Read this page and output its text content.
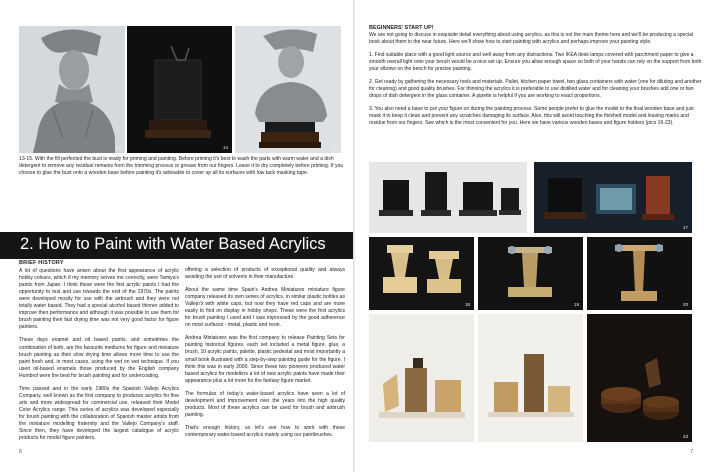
13	14	15
13-15. With the fill perfected the bust is ready for priming and painting. Before priming it's best to wash the parts with warm water and a dish detergent to remove any residual remains from the trimming process or grease from our fingers. Leave it to dry completely before priming. If you choose to glue the bust onto a wooden base before painting it's advisable to cover up all its surfaces with low tack masking tape.
2. How to Paint with Water Based Acrylics
BRIEF HISTORY

A lot of questions have arisen about the first appearance of acrylic hobby colours, which if my memory serves me correctly, were Tamiya's paints from Japan. I think these were the first acrylic paints I had the opportunity to test and use towards the end of the 1970s. The paints were developed mostly for use with the airbrush and they were not totally water based. They had a special alcohol based thinner added to improve their performance and although it was possible to use them for brush painting their fast drying time was not very good factor for figure painters.

These days enamel and oil based paints, and sometimes the combination of both, are the favourite mediums for figure and miniature brush painting as their slow drying time allows more time to use the paint fresh and, in most cases, using the wet on wet technique. If you used oil-based enamels those produced by the English company Humbrol were the best for brush painting and for undercoating.

Time passed and in the early 1980s the Spanish Vallejo Acrylics Company, well known as the first company to produces acrylics for fine arts and more widespread for commercial use, released their Model Color Acrylics range. This series of acrylics was developed especially for brush painting with the collaboration of Spanish master artists from the miniature modelling fraternity and the Vallejo Company's staff. Since then, they have developed the largest catalogue of acrylic products for model figure painters,

offering a selection of products of exceptional quality and always avoiding the use of solvents in their manufacture.

About the same time Spain's Andrea Miniatures miniature figure company released its own series of acrylics, in similar plastic bottles as Vallejo's with white caps, but now they have red caps and are more easily to find on display in hobby shops. These were the first acrylics for brush painting I used and I was impressed by the good adherence on most surfaces - metal, plastic and resin.

Andrea Miniatures was the first company to release Painting Sets for painting historical figures, each set included a metal figure, glue, a brush, 10 acrylic paints, palette, plastic pedestal and most importantly a small book illustrated with a step-by-step painting guide for the figure. I think this was in early 2000. Since these two pioneers produced water based acrylics for modellers a lot of new acrylic paints have made their appearance plus a lot more for the fantasy figure market.

The formulas of today's water-based acrylics have seen a lot of development and improvement over the years into the high quality products. Most of these acrylics can be used for brush and airbrush painting.

That's enough history, so let's see how to work with these contemporary water-based acrylics mainly using our paintbrushes.

6
BEGINNERS' START UP!

We are not going to discuss in exquisite detail everything about using acrylics, as this is not the main theme here and we'll be producing a special book about them in the near future. Here we'll show how to start painting with acrylics and perhaps improve your painting style.

1. Find suitable place with a good light source and well away from any distractions. Two IKEA desk lamps covered with parchment paper to give a smooth overall light onto your bench would be a nice set up. Ensure you allow enough space so both of your hands can rely on the support from both your elbows on the bench for precise painting.

2. Get ready by gathering the necessary tools and materials. Pallet, kitchen paper towel, two glass containers with water (one for diluting and another for cleaning) and good quality brushes. For thinning the acrylics it is preferable to use distilled water and for cleaning your brushes add one or two drops of dish detergent in the glass container. A pipette is helpful if you are working to exact proportions.

3. You also need a base to put your figure on during the painting process. Some people prefer to glue the model to the final wooden base and just mask it to keep it clean and prevent any scratches damaging its surface. Also, this will avoid touching the finished model and leaving marks and residue from our fingers. See which is the most convenient for you. Here we have various wooden bases and figure holders (pics 16-23).

16	17
18	19	20
21	22	23
7
